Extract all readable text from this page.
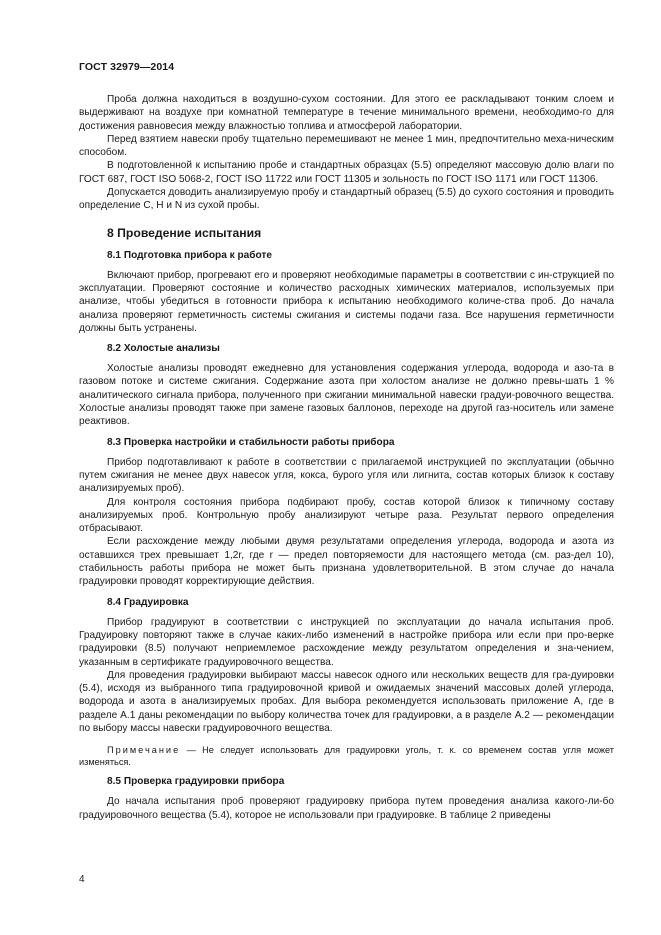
ГОСТ 32979—2014

Проба должна находиться в воздушно-сухом состоянии. Для этого ее раскладывают тонким слоем и выдерживают на воздухе при комнатной температуре в течение минимального времени, необходимо-го для достижения равновесия между влажностью топлива и атмосферой лаборатории.

Перед взятием навески пробу тщательно перемешивают не менее 1 мин, предпочтительно меха-ническим способом.

В подготовленной к испытанию пробе и стандартных образцах (5.5) определяют массовую долю влаги по ГОСТ 687, ГОСТ ISO 5068-2, ГОСТ ISO 11722 или ГОСТ 11305 и зольность по ГОСТ ISO 1171 или ГОСТ 11306.

Допускается доводить анализируемую пробу и стандартный образец (5.5) до сухого состояния и проводить определение C, H и N из сухой пробы.

8 Проведение испытания
8.1 Подготовка прибора к работе

Включают прибор, прогревают его и проверяют необходимые параметры в соответствии с ин-струкцией по эксплуатации. Проверяют состояние и количество расходных химических материалов, используемых при анализе, чтобы убедиться в готовности прибора к испытанию необходимого количе-ства проб. До начала анализа проверяют герметичность системы сжигания и системы подачи газа. Все нарушения герметичности должны быть устранены.

8.2 Холостые анализы

Холостые анализы проводят ежедневно для установления содержания углерода, водорода и азо-та в газовом потоке и системе сжигания. Содержание азота при холостом анализе не должно превы-шать 1 % аналитического сигнала прибора, полученного при сжигании минимальной навески градуи-ровочного вещества. Холостые анализы проводят также при замене газовых баллонов, переходе на другой газ-носитель или замене реактивов.

8.3 Проверка настройки и стабильности работы прибора

Прибор подготавливают к работе в соответствии с прилагаемой инструкцией по эксплуатации (обычно путем сжигания не менее двух навесок угля, кокса, бурого угля или лигнита, состав которых близок к составу анализируемых проб).

Для контроля состояния прибора подбирают пробу, состав которой близок к типичному составу анализируемых проб. Контрольную пробу анализируют четыре раза. Результат первого определения отбрасывают.

Если расхождение между любыми двумя результатами определения углерода, водорода и азота из оставшихся трех превышает 1,2r, где r — предел повторяемости для настоящего метода (см. раз-дел 10), стабильность работы прибора не может быть признана удовлетворительной. В этом случае до начала градуировки проводят корректирующие действия.

8.4 Градуировка

Прибор градуируют в соответствии с инструкцией по эксплуатации до начала испытания проб. Градуировку повторяют также в случае каких-либо изменений в настройке прибора или если при про-верке градуировки (8.5) получают неприемлемое расхождение между результатом определения и зна-чением, указанным в сертификате градуировочного вещества.

Для проведения градуировки выбирают массы навесок одного или нескольких веществ для гра-дуировки (5.4), исходя из выбранного типа градуировочной кривой и ожидаемых значений массовых долей углерода, водорода и азота в анализируемых пробах. Для выбора рекомендуется использовать приложение А, где в разделе А.1 даны рекомендации по выбору количества точек для градуировки, а в разделе А.2 — рекомендации по выбору массы навески градуировочного вещества.

Примечание — Не следует использовать для градуировки уголь, т. к. со временем состав угля может изменяться.
8.5 Проверка градуировки прибора

До начала испытания проб проверяют градуировку прибора путем проведения анализа какого-ли-бо градуировочного вещества (5.4), которое не использовали при градуировке. В таблице 2 приведены

4
